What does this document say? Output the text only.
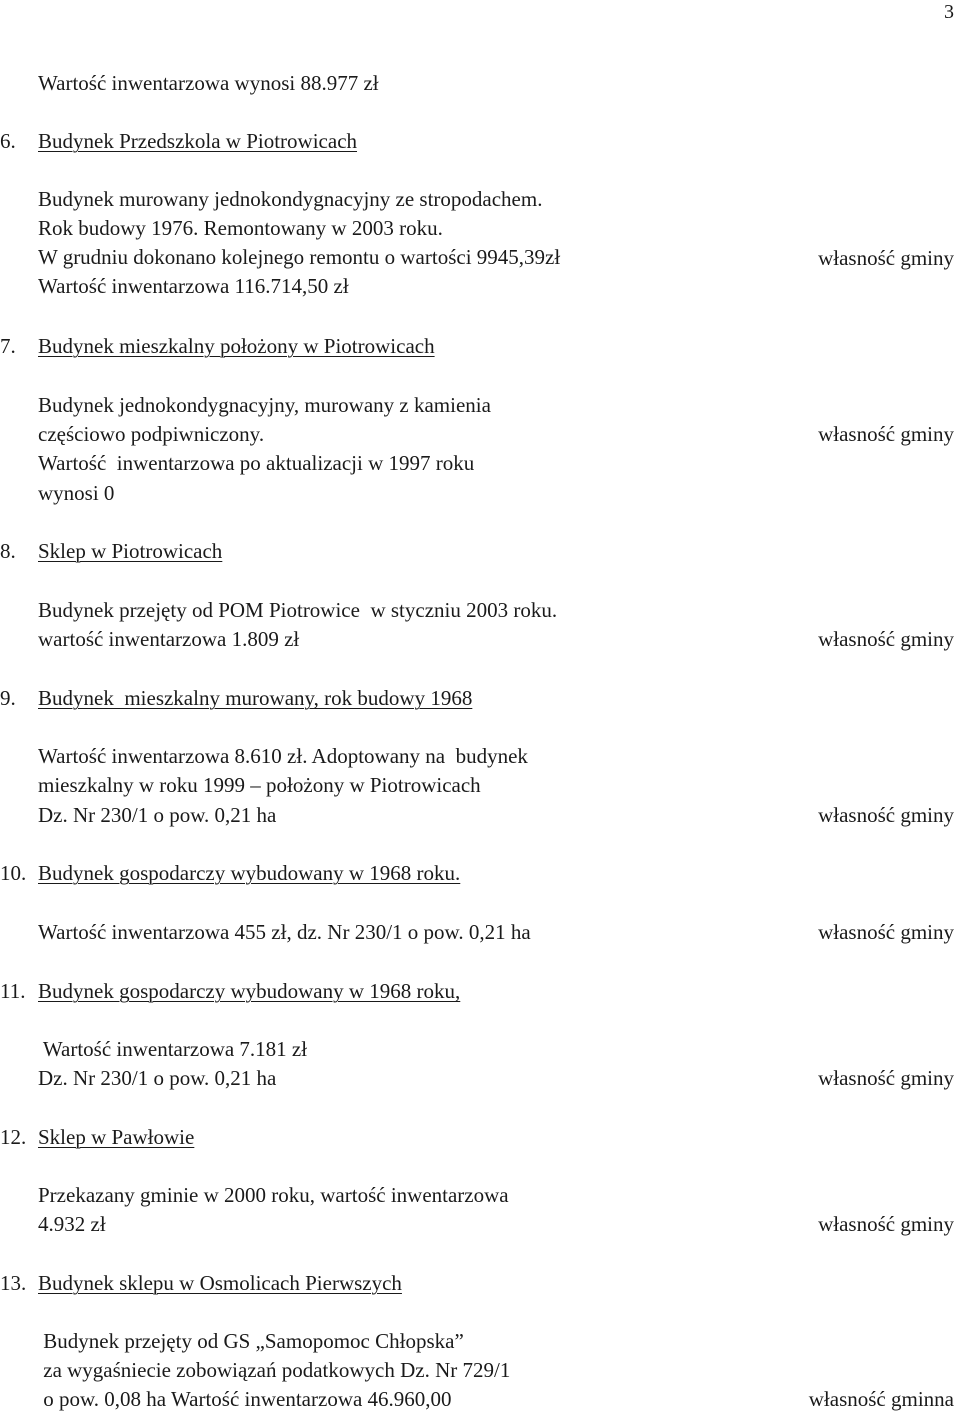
3
Wartość inwentarzowa wynosi 88.977 zł
6. Budynek Przedszkola w Piotrowicach
Budynek murowany jednokondygnacyjny ze stropodachem.
Rok budowy 1976. Remontowany w 2003 roku.
W grudniu dokonano kolejnego remontu o wartości 9945,39zł
Wartość inwentarzowa 116.714,50 zł
własność gminy
7. Budynek mieszkalny położony w Piotrowicach
Budynek jednokondygnacyjny, murowany z kamienia
częściowo podpiwniczony.
Wartość  inwentarzowa po aktualizacji w 1997 roku
wynosi 0
własność gminy
8. Sklep w Piotrowicach
Budynek przejęty od POM Piotrowice  w styczniu 2003 roku.
wartość inwentarzowa 1.809 zł	własność gminy
9. Budynek  mieszkalny murowany, rok budowy 1968
Wartość inwentarzowa 8.610 zł. Adoptowany na  budynek
mieszkalny w roku 1999 – położony w Piotrowicach
Dz. Nr 230/1 o pow. 0,21 ha	własność gminy
10. Budynek gospodarczy wybudowany w 1968 roku.
Wartość inwentarzowa 455 zł, dz. Nr 230/1 o pow. 0,21 ha	własność gminy
11. Budynek gospodarczy wybudowany w 1968 roku,
Wartość inwentarzowa 7.181 zł
Dz. Nr 230/1 o pow. 0,21 ha	własność gminy
12. Sklep w Pawłowie
Przekazany gminie w 2000 roku, wartość inwentarzowa
4.932 zł	własność gminy
13. Budynek sklepu w Osmolicach Pierwszych
Budynek przejęty od GS „Samopomoc Chłopska”
za wygaśniecie zobowiązań podatkowych Dz. Nr 729/1
o pow. 0,08 ha Wartość inwentarzowa 46.960,00	własność gminna
